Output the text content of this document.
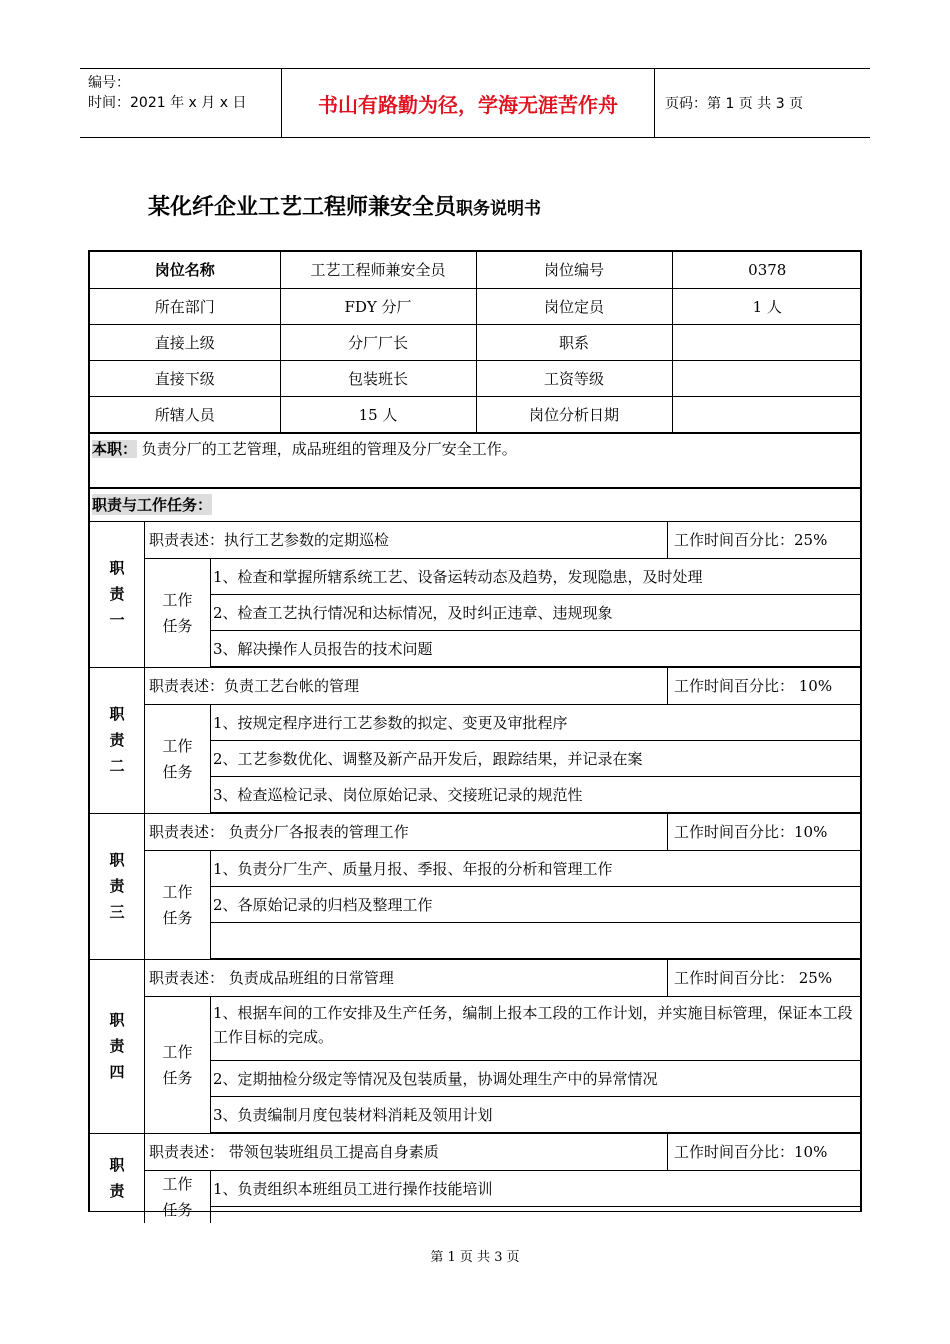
编号：
时间：2021 年 x 月 x 日	书山有路勤为径，学海无涯苦作舟	页码：第 1 页 共 3 页
某化纤企业工艺工程师兼安全员职务说明书
岗位名称	工艺工程师兼安全员	岗位编号	0378
所在部门	FDY 分厂	岗位定员	1 人
直接上级	分厂厂长	职系	
直接下级	包装班长	工资等级	
所辖人员	15 人	岗位分析日期	
本职： 负责分厂的工艺管理，成品班组的管理及分厂安全工作。
职责与工作任务：
职
责
一
职责表述：执行工艺参数的定期巡检	工作时间百分比：25%
工作
任务
1、检查和掌握所辖系统工艺、设备运转动态及趋势，发现隐患，及时处理
2、检查工艺执行情况和达标情况，及时纠正违章、违规现象
3、解决操作人员报告的技术问题
职
责
二
职责表述：负责工艺台帐的管理	工作时间百分比： 10%
工作
任务
1、按规定程序进行工艺参数的拟定、变更及审批程序
2、工艺参数优化、调整及新产品开发后，跟踪结果，并记录在案
3、检查巡检记录、岗位原始记录、交接班记录的规范性
职
责
三
职责表述： 负责分厂各报表的管理工作	工作时间百分比：10%
工作
任务
1、负责分厂生产、质量月报、季报、年报的分析和管理工作
2、各原始记录的归档及整理工作
职
责
四
职责表述： 负责成品班组的日常管理	工作时间百分比： 25%
工作
任务
1、根据车间的工作安排及生产任务，编制上报本工段的工作计划，并实施目标管理，保证本工段工作目标的完成。
2、定期抽检分级定等情况及包装质量，协调处理生产中的异常情况
3、负责编制月度包装材料消耗及领用计划
职
责
职责表述： 带领包装班组员工提高自身素质	工作时间百分比：10%
工作
任务
1、负责组织本班组员工进行操作技能培训
第 1 页 共 3 页
